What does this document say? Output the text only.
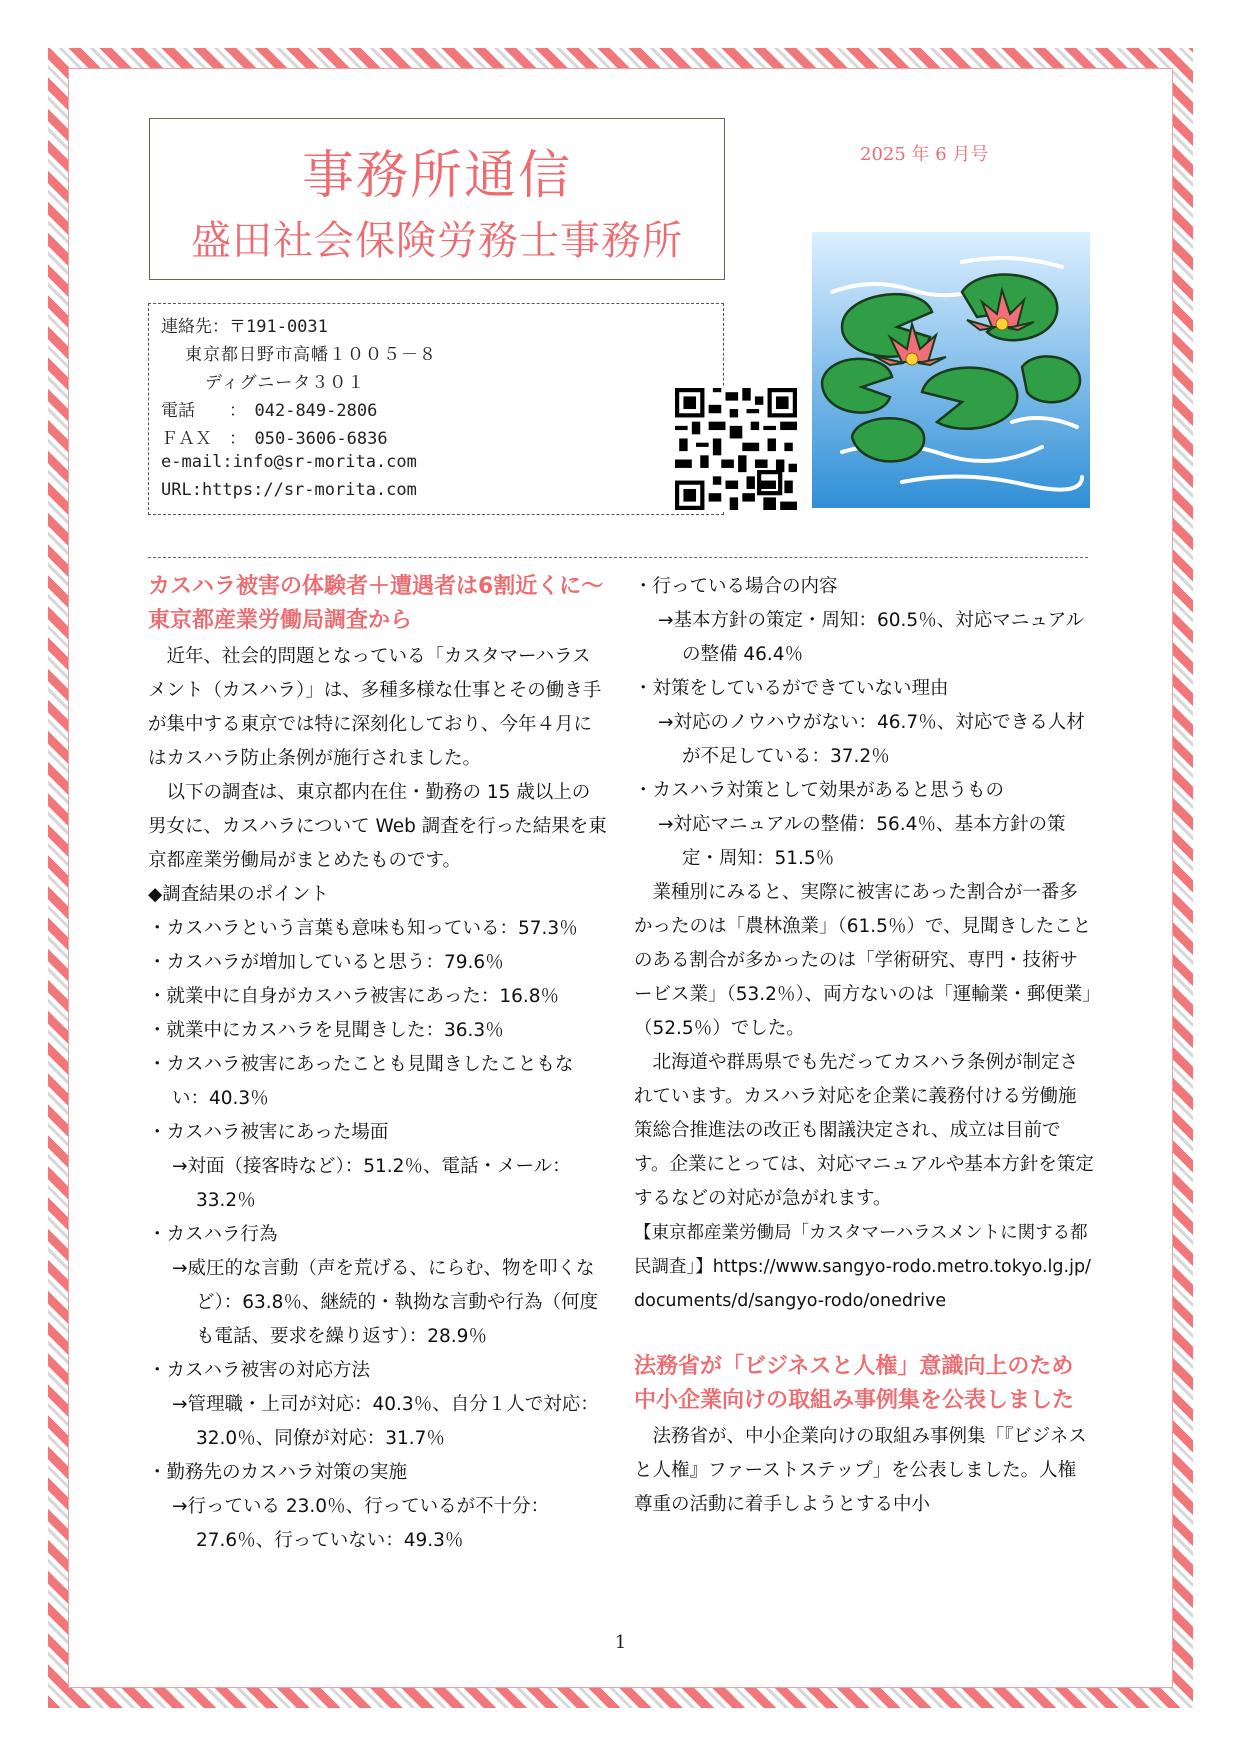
事務所通信
盛田社会保険労務士事務所
2025 年 6 月号
連絡先：〒191-0031
東京都日野市高幡１００５－８
ディグニータ３０１
電話　　：　042-849-2806
ＦＡＸ　：　050-3606-6836
e-mail:info@sr-morita.com
URL:https://sr-morita.com
カスハラ被害の体験者＋遭遇者は6割近くに～東京都産業労働局調査から

近年、社会的問題となっている「カスタマーハラスメント（カスハラ）」は、多種多様な仕事とその働き手が集中する東京では特に深刻化しており、今年４月にはカスハラ防止条例が施行されました。

以下の調査は、東京都内在住・勤務の 15 歳以上の男女に、カスハラについて Web 調査を行った結果を東京都産業労働局がまとめたものです。

◆調査結果のポイント

・カスハラという言葉も意味も知っている：57.3％

・カスハラが増加していると思う：79.6％

・就業中に自身がカスハラ被害にあった：16.8％

・就業中にカスハラを見聞きした：36.3％

・カスハラ被害にあったことも見聞きしたこともない：40.3％

・カスハラ被害にあった場面

→対面（接客時など）：51.2％、電話・メール：33.2％

・カスハラ行為

→威圧的な言動（声を荒げる、にらむ、物を叩くなど）：63.8％、継続的・執拗な言動や行為（何度も電話、要求を繰り返す）：28.9％

・カスハラ被害の対応方法

→管理職・上司が対応：40.3％、自分１人で対応：32.0％、同僚が対応：31.7％

・勤務先のカスハラ対策の実施

→行っている 23.0％、行っているが不十分：27.6％、行っていない：49.3％

・行っている場合の内容

→基本方針の策定・周知：60.5％、対応マニュアルの整備 46.4％

・対策をしているができていない理由

→対応のノウハウがない：46.7％、対応できる人材が不足している：37.2％

・カスハラ対策として効果があると思うもの

→対応マニュアルの整備：56.4％、基本方針の策定・周知：51.5％

業種別にみると、実際に被害にあった割合が一番多かったのは「農林漁業」（61.5％）で、見聞きしたことのある割合が多かったのは「学術研究、専門・技術サービス業」（53.2％）、両方ないのは「運輸業・郵便業」（52.5％）でした。

北海道や群馬県でも先だってカスハラ条例が制定されています。カスハラ対応を企業に義務付ける労働施策総合推進法の改正も閣議決定され、成立は目前です。企業にとっては、対応マニュアルや基本方針を策定するなどの対応が急がれます。

【東京都産業労働局「カスタマーハラスメントに関する都民調査」】https://www.sangyo-rodo.metro.tokyo.lg.jp/documents/d/sangyo-rodo/onedrive

法務省が「ビジネスと人権」意識向上のため中小企業向けの取組み事例集を公表しました

法務省が、中小企業向けの取組み事例集「『ビジネスと人権』ファーストステップ」を公表しました。人権尊重の活動に着手しようとする中小

1
